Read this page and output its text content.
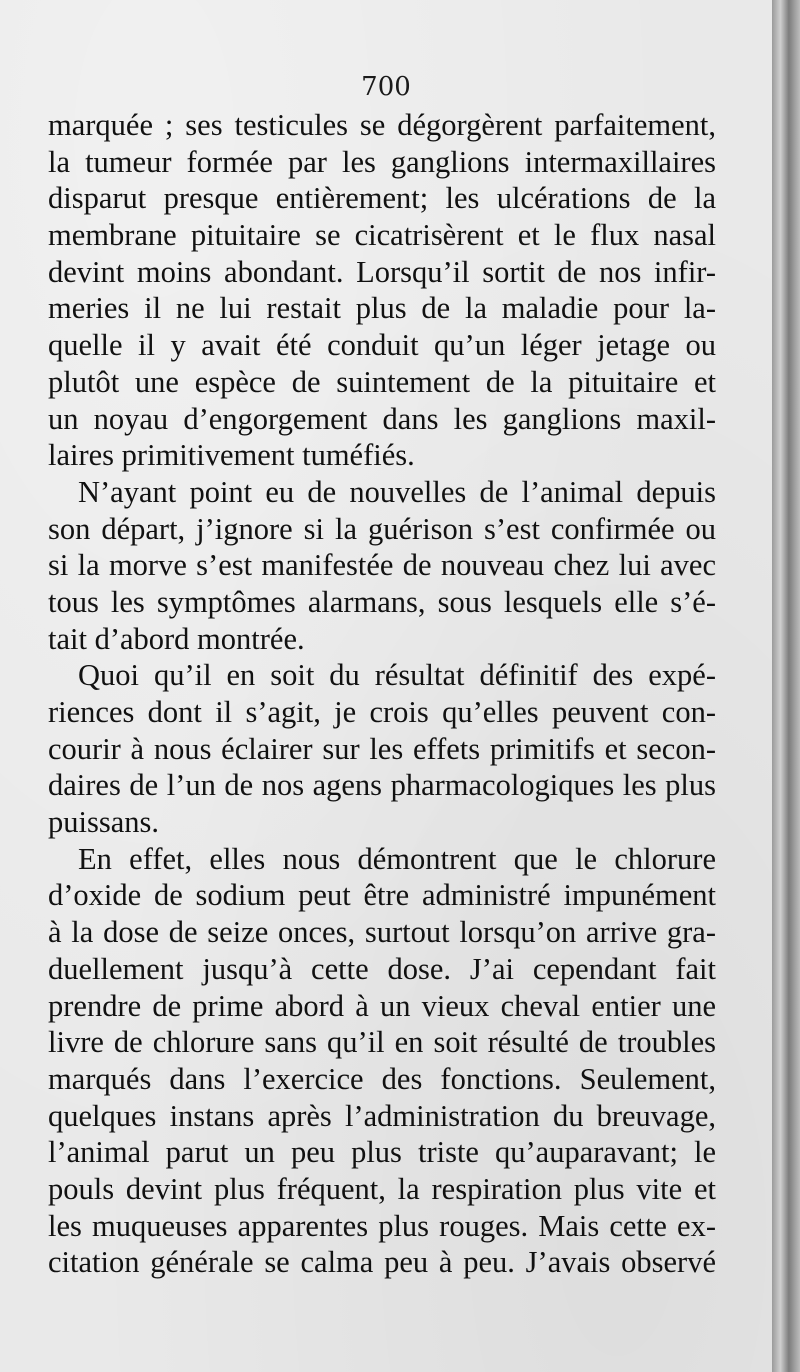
700
marquée ; ses testicules se dégorgèrent parfaitement,
la tumeur formée par les ganglions intermaxillaires
disparut presque entièrement; les ulcérations de la
membrane pituitaire se cicatrisèrent et le flux nasal
devint moins abondant. Lorsqu’il sortit de nos infir-
meries il ne lui restait plus de la maladie pour la-
quelle il y avait été conduit qu’un léger jetage ou
plutôt une espèce de suintement de la pituitaire et
un noyau d’engorgement dans les ganglions maxil-
laires primitivement tuméfiés.
N’ayant point eu de nouvelles de l’animal depuis
son départ, j’ignore si la guérison s’est confirmée ou
si la morve s’est manifestée de nouveau chez lui avec
tous les symptômes alarmans, sous lesquels elle s’é-
tait d’abord montrée.
Quoi qu’il en soit du résultat définitif des expé-
riences dont il s’agit, je crois qu’elles peuvent con-
courir à nous éclairer sur les effets primitifs et secon-
daires de l’un de nos agens pharmacologiques les plus
puissans.
En effet, elles nous démontrent que le chlorure
d’oxide de sodium peut être administré impunément
à la dose de seize onces, surtout lorsqu’on arrive gra-
duellement jusqu’à cette dose. J’ai cependant fait
prendre de prime abord à un vieux cheval entier une
livre de chlorure sans qu’il en soit résulté de troubles
marqués dans l’exercice des fonctions. Seulement,
quelques instans après l’administration du breuvage,
l’animal parut un peu plus triste qu’auparavant; le
pouls devint plus fréquent, la respiration plus vite et
les muqueuses apparentes plus rouges. Mais cette ex-
citation générale se calma peu à peu. J’avais observé
